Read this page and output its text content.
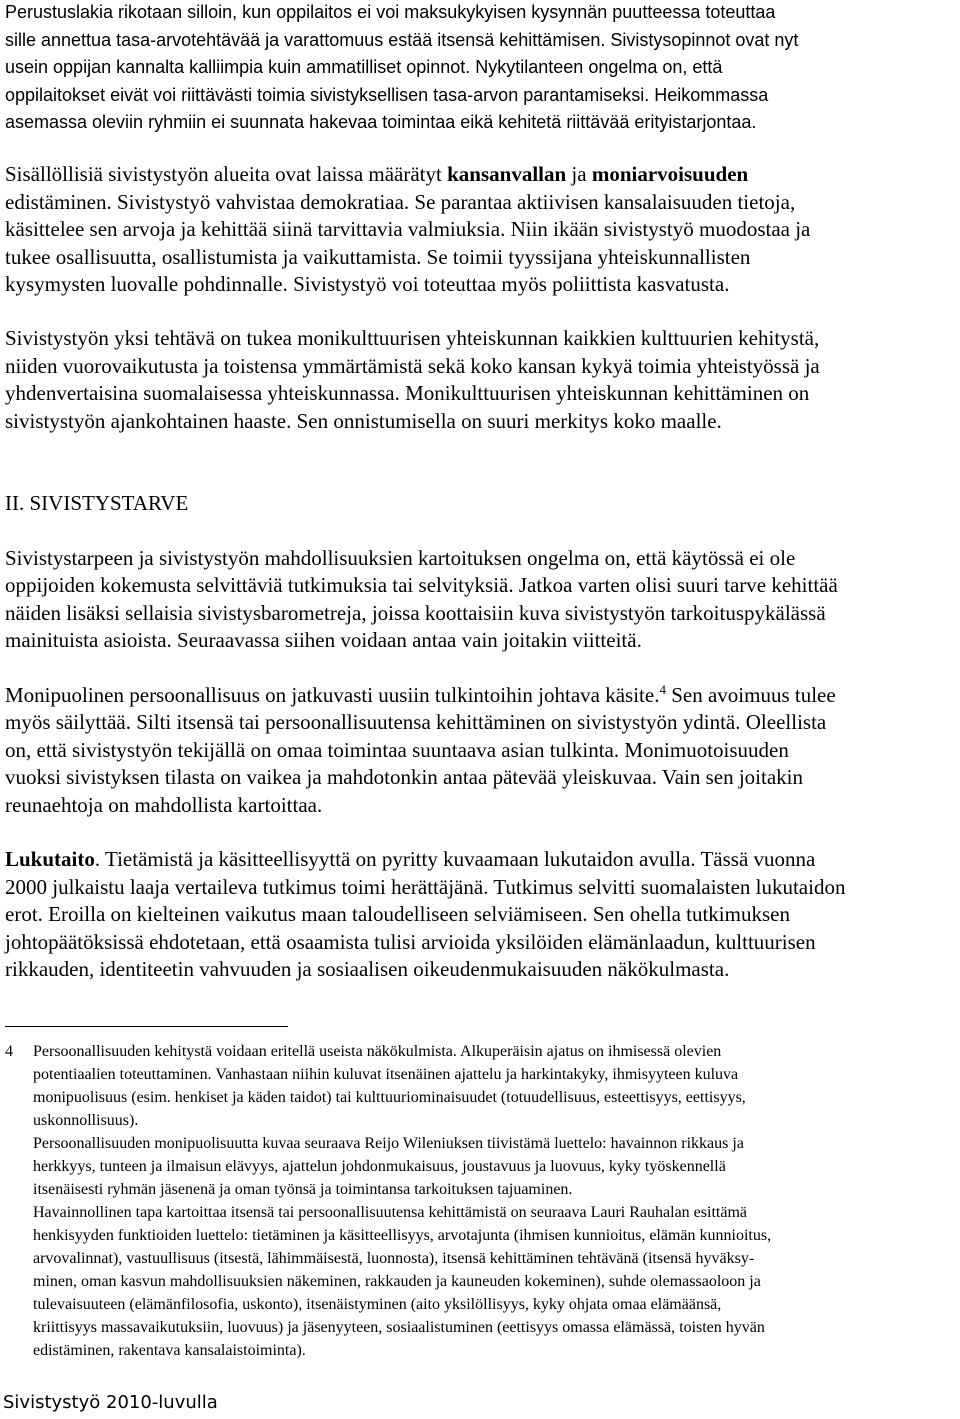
Perustuslakia rikotaan silloin, kun oppilaitos ei voi maksukykyisen kysynnän puutteessa toteuttaa

sille annettua tasa-arvotehtävää ja varattomuus estää itsensä kehittämisen. Sivistysopinnot ovat nyt

usein oppijan kannalta kalliimpia kuin ammatilliset opinnot. Nykytilanteen ongelma on, että

oppilaitokset eivät voi riittävästi toimia sivistyksellisen tasa-arvon parantamiseksi. Heikommassa

asemassa oleviin ryhmiin ei suunnata hakevaa toimintaa eikä kehitetä riittävää erityistarjontaa.

Sisällöllisiä sivistystyön alueita ovat laissa määrätyt kansanvallan ja moniarvoisuuden

edistäminen. Sivistystyö vahvistaa demokratiaa. Se parantaa aktiivisen kansalaisuuden tietoja,

käsittelee sen arvoja ja kehittää siinä tarvittavia valmiuksia. Niin ikään sivistystyö muodostaa ja

tukee osallisuutta, osallistumista ja vaikuttamista. Se toimii tyyssijana yhteiskunnallisten

kysymysten luovalle pohdinnalle. Sivistystyö voi toteuttaa myös poliittista kasvatusta.

Sivistystyön yksi tehtävä on tukea monikulttuurisen yhteiskunnan kaikkien kulttuurien kehitystä,

niiden vuorovaikutusta ja toistensa ymmärtämistä sekä koko kansan kykyä toimia yhteistyössä ja

yhdenvertaisina suomalaisessa yhteiskunnassa. Monikulttuurisen yhteiskunnan kehittäminen on

sivistystyön ajankohtainen haaste. Sen onnistumisella on suuri merkitys koko maalle.

II. SIVISTYSTARVE

Sivistystarpeen ja sivistystyön mahdollisuuksien kartoituksen ongelma on, että käytössä ei ole

oppijoiden kokemusta selvittäviä tutkimuksia tai selvityksiä. Jatkoa varten olisi suuri tarve kehittää

näiden lisäksi sellaisia sivistysbarometreja, joissa koottaisiin kuva sivistystyön tarkoituspykälässä

mainituista asioista. Seuraavassa siihen voidaan antaa vain joitakin viitteitä.

Monipuolinen persoonallisuus on jatkuvasti uusiin tulkintoihin johtava käsite.$^4$ Sen avoimuus tulee

myös säilyttää. Silti itsensä tai persoonallisuutensa kehittäminen on sivistystyön ydintä. Oleellista

on, että sivistystyön tekijällä on omaa toimintaa suuntaava asian tulkinta. Monimuotoisuuden

vuoksi sivistyksen tilasta on vaikea ja mahdotonkin antaa pätevää yleiskuvaa. Vain sen joitakin

reunaehtoja on mahdollista kartoittaa.

Lukutaito. Tietämistä ja käsitteellisyyttä on pyritty kuvaamaan lukutaidon avulla. Tässä vuonna

2000 julkaistu laaja vertaileva tutkimus toimi herättäjänä. Tutkimus selvitti suomalaisten lukutaidon

erot. Eroilla on kielteinen vaikutus maan taloudelliseen selviämiseen. Sen ohella tutkimuksen

johtopäätöksissä ehdotetaan, että osaamista tulisi arvioida yksilöiden elämänlaadun, kulttuurisen

rikkauden, identiteetin vahvuuden ja sosiaalisen oikeudenmukaisuuden näkökulmasta.

4 Persoonallisuuden kehitystä voidaan eritellä useista näkökulmista. Alkuperäisin ajatus on ihmisessä olevien

potentiaalien toteuttaminen. Vanhastaan niihin kuluvat itsenäinen ajattelu ja harkintakyky, ihmisyyteen kuluva

monipuolisuus (esim. henkiset ja käden taidot) tai kulttuuriominaisuudet (totuudellisuus, esteettisyys, eettisyys,

uskonnollisuus).

Persoonallisuuden monipuolisuutta kuvaa seuraava Reijo Wileniuksen tiivistämä luettelo: havainnon rikkaus ja

herkkyys, tunteen ja ilmaisun elävyys, ajattelun johdonmukaisuus, joustavuus ja luovuus, kyky työskennellä

itsenäisesti ryhmän jäsenenä ja oman työnsä ja toimintansa tarkoituksen tajuaminen.

Havainnollinen tapa kartoittaa itsensä tai persoonallisuutensa kehittämistä on seuraava Lauri Rauhalan esittämä

henkisyyden funktioiden luettelo: tietäminen ja käsitteellisyys, arvotajunta (ihmisen kunnioitus, elämän kunnioitus,

arvovalinnat), vastuullisuus (itsestä, lähimmäisestä, luonnosta), itsensä kehittäminen tehtävänä (itsensä hyväksy-

minen, oman kasvun mahdollisuuksien näkeminen, rakkauden ja kauneuden kokeminen), suhde olemassaoloon ja

tulevaisuuteen (elämänfilosofia, uskonto), itsenäistyminen (aito yksilöllisyys, kyky ohjata omaa elämäänsä,

kriittisyys massavaikutuksiin, luovuus) ja jäsenyyteen, sosiaalistuminen (eettisyys omassa elämässä, toisten hyvän

edistäminen, rakentava kansalaistoiminta).

Sivistystyö 2010-luvulla
